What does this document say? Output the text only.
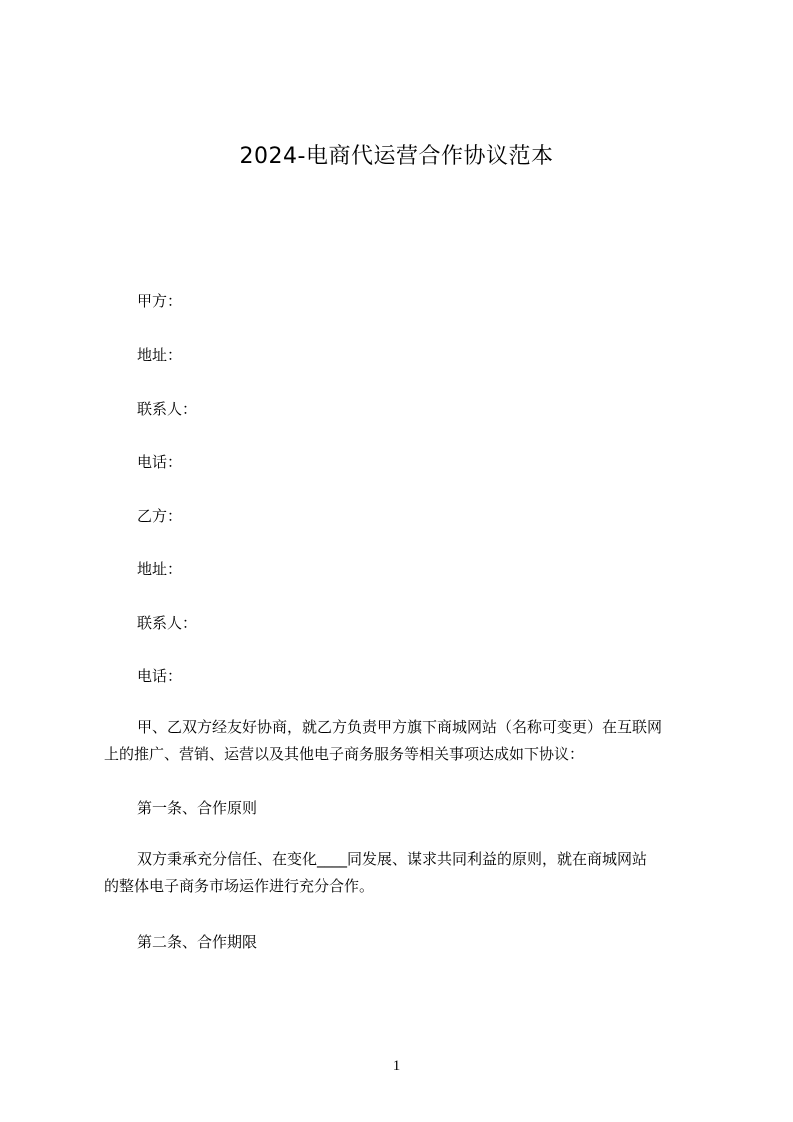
2024-电商代运营合作协议范本
甲方：
地址：
联系人：
电话：
乙方：
地址：
联系人：
电话：
甲、乙双方经友好协商，就乙方负责甲方旗下商城网站（名称可变更）在互联网
上的推广、营销、运营以及其他电子商务服务等相关事项达成如下协议：
第一条、合作原则
双方秉承充分信任、在变化____同发展、谋求共同利益的原则，就在商城网站
的整体电子商务市场运作进行充分合作。
第二条、合作期限
1
